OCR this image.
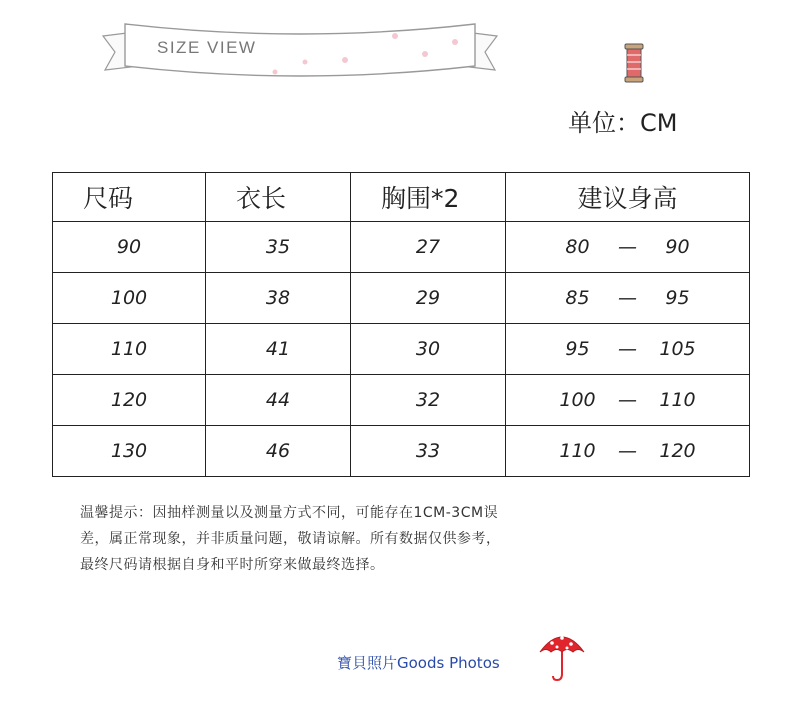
SIZE VIEW
单位：CM
尺码	衣长	胸围*2	建议身高
90	35	27	80 — 90
100	38	29	85 — 95
110	41	30	95 — 105
120	44	32	100 — 110
130	46	33	110 — 120
温馨提示：因抽样测量以及测量方式不同，可能存在1CM-3CM误
差，属正常现象，并非质量问题，敬请谅解。所有数据仅供参考，
最终尺码请根据自身和平时所穿来做最终选择。
寶貝照片Goods Photos
